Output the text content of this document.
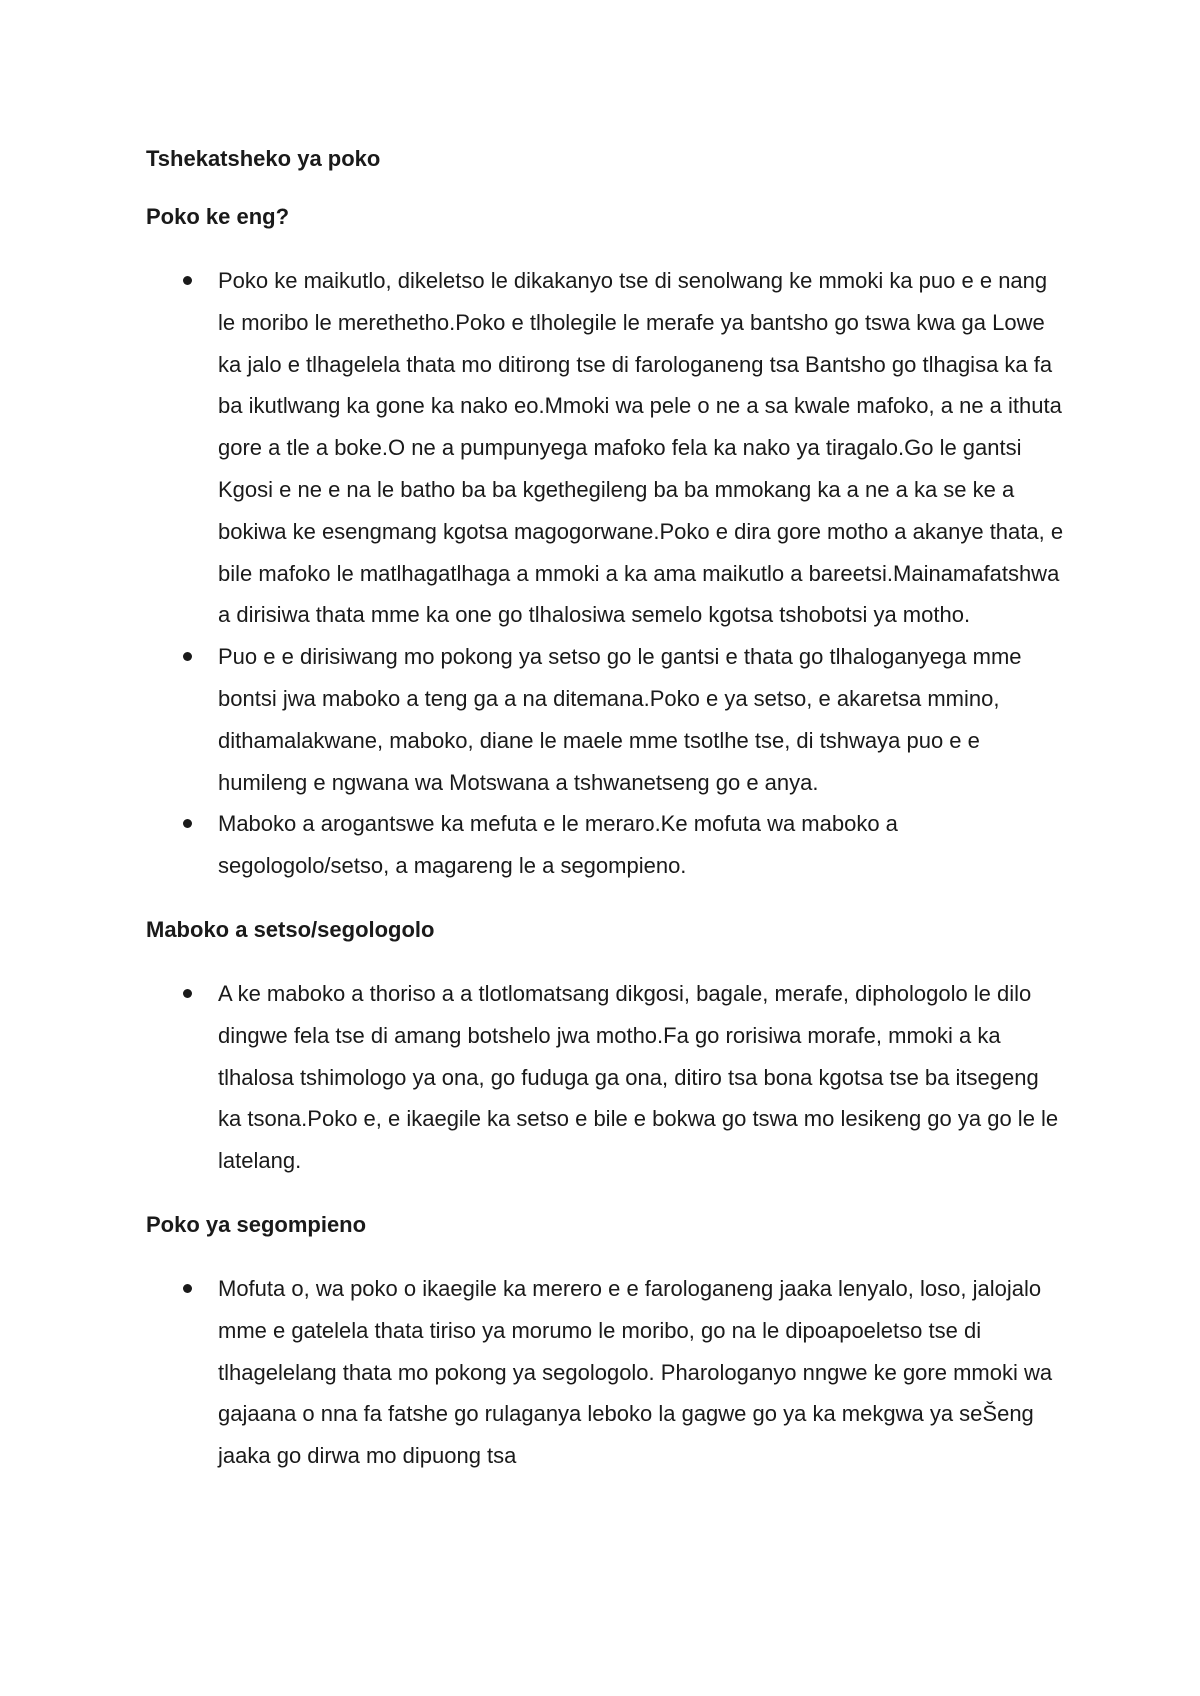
Tshekatsheko ya poko
Poko ke eng?
Poko ke maikutlo, dikeletso le dikakanyo tse di senolwang ke mmoki ka puo e e nang le moribo le merethetho.Poko e tlholegile le merafe ya bantsho go tswa kwa ga Lowe ka jalo e tlhagelela thata mo ditirong tse di farologaneng tsa Bantsho go tlhagisa ka fa ba ikutlwang ka gone ka nako eo.Mmoki wa pele o ne a sa kwale mafoko, a ne a ithuta gore a tle a boke.O ne a pumpunyega mafoko fela ka nako ya tiragalo.Go le gantsi Kgosi e ne e na le batho ba ba kgethegileng ba ba mmokang ka a ne a ka se ke a bokiwa ke esengmang kgotsa magogorwane.Poko e dira gore motho a akanye thata, e bile mafoko le matlhagatlhaga a mmoki a ka ama maikutlo a bareetsi.Mainamafatshwa a dirisiwa thata mme ka one go tlhalosiwa semelo kgotsa tshobotsi ya motho.
Puo e e dirisiwang mo pokong ya setso go le gantsi e thata go tlhaloganyega mme bontsi jwa maboko a teng ga a na ditemana.Poko e ya setso, e akaretsa mmino, dithamalakwane, maboko, diane le maele mme tsotlhe tse, di tshwaya puo e e humileng e ngwana wa Motswana a tshwanetseng go e anya.
Maboko a arogantswe ka mefuta e le meraro.Ke mofuta wa maboko a segologolo/setso, a magareng le a segompieno.
Maboko a setso/segologolo
A ke maboko a thoriso a a tlotlomatsang dikgosi, bagale, merafe, diphologolo le dilo dingwe fela tse di amang botshelo jwa motho.Fa go rorisiwa morafe, mmoki a ka tlhalosa tshimologo ya ona, go fuduga ga ona, ditiro tsa bona kgotsa tse ba itsegeng ka tsona.Poko e, e ikaegile ka setso e bile e bokwa go tswa mo lesikeng go ya go le le latelang.
Poko ya segompieno
Mofuta o, wa poko o ikaegile ka merero e e farologaneng jaaka lenyalo, loso, jalojalo mme e gatelela thata tiriso ya morumo le moribo, go na le dipoapoeletso tse di tlhagelelang thata mo pokong ya segologolo. Pharologanyo nngwe ke gore mmoki wa gajaana o nna fa fatshe go rulaganya leboko la gagwe go ya ka mekgwa ya seŠeng jaaka go dirwa mo dipuong tsa
